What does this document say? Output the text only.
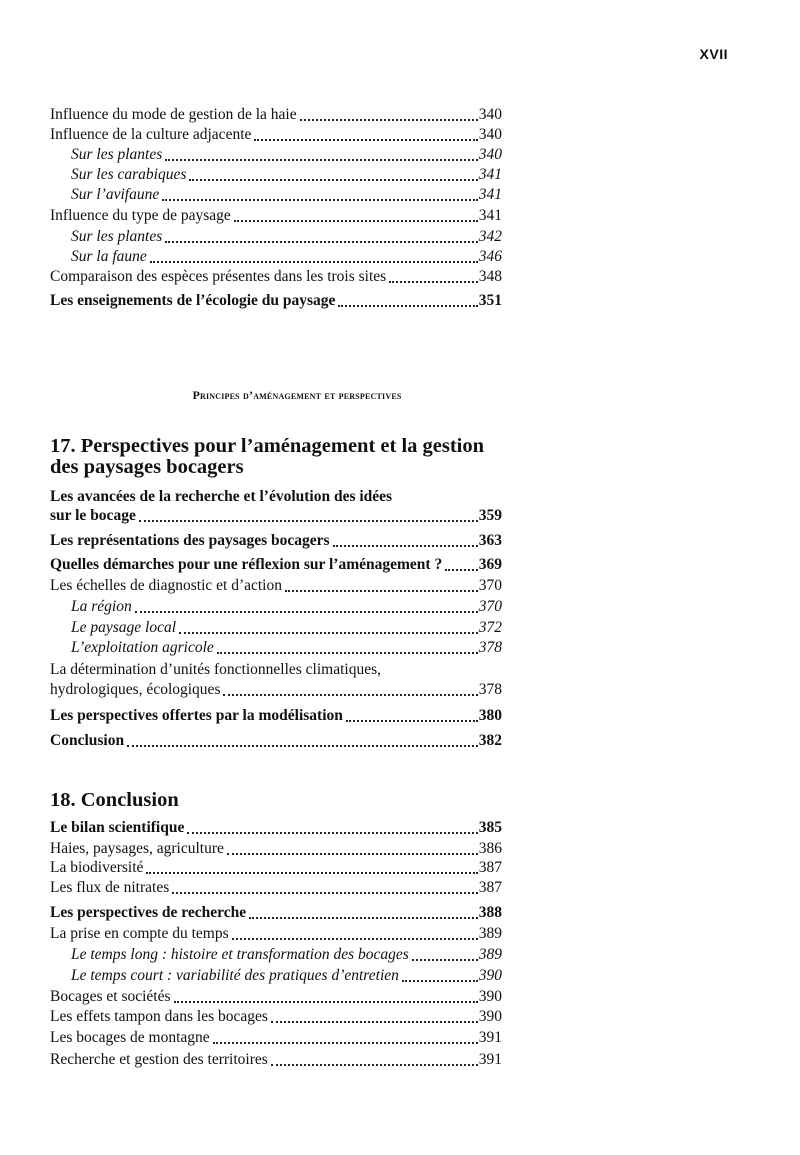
XVII
Influence du mode de gestion de la haie	340
Influence de la culture adjacente	340
Sur les plantes	340
Sur les carabiques	341
Sur l’avifaune	341
Influence du type de paysage	341
Sur les plantes	342
Sur la faune	346
Comparaison des espèces présentes dans les trois sites	348
Les enseignements de l’écologie du paysage	351
Principes d’aménagement et perspectives
17. Perspectives pour l’aménagement et la gestion
des paysages bocagers
Les avancées de la recherche et l’évolution des idées
sur le bocage	359
Les représentations des paysages bocagers	363
Quelles démarches pour une réflexion sur l’aménagement ? 369
Les échelles de diagnostic et d’action	370
La région	370
Le paysage local	372
L’exploitation agricole	378
La détermination d’unités fonctionnelles climatiques,
hydrologiques, écologiques	378
Les perspectives offertes par la modélisation	380
Conclusion	382
18. Conclusion
Le bilan scientifique	385
Haies, paysages, agriculture	386
La biodiversité	387
Les flux de nitrates	387
Les perspectives de recherche	388
La prise en compte du temps	389
Le temps long : histoire et transformation des bocages	389
Le temps court : variabilité des pratiques d’entretien	390
Bocages et sociétés	390
Les effets tampon dans les bocages	390
Les bocages de montagne	391
Recherche et gestion des territoires	391
